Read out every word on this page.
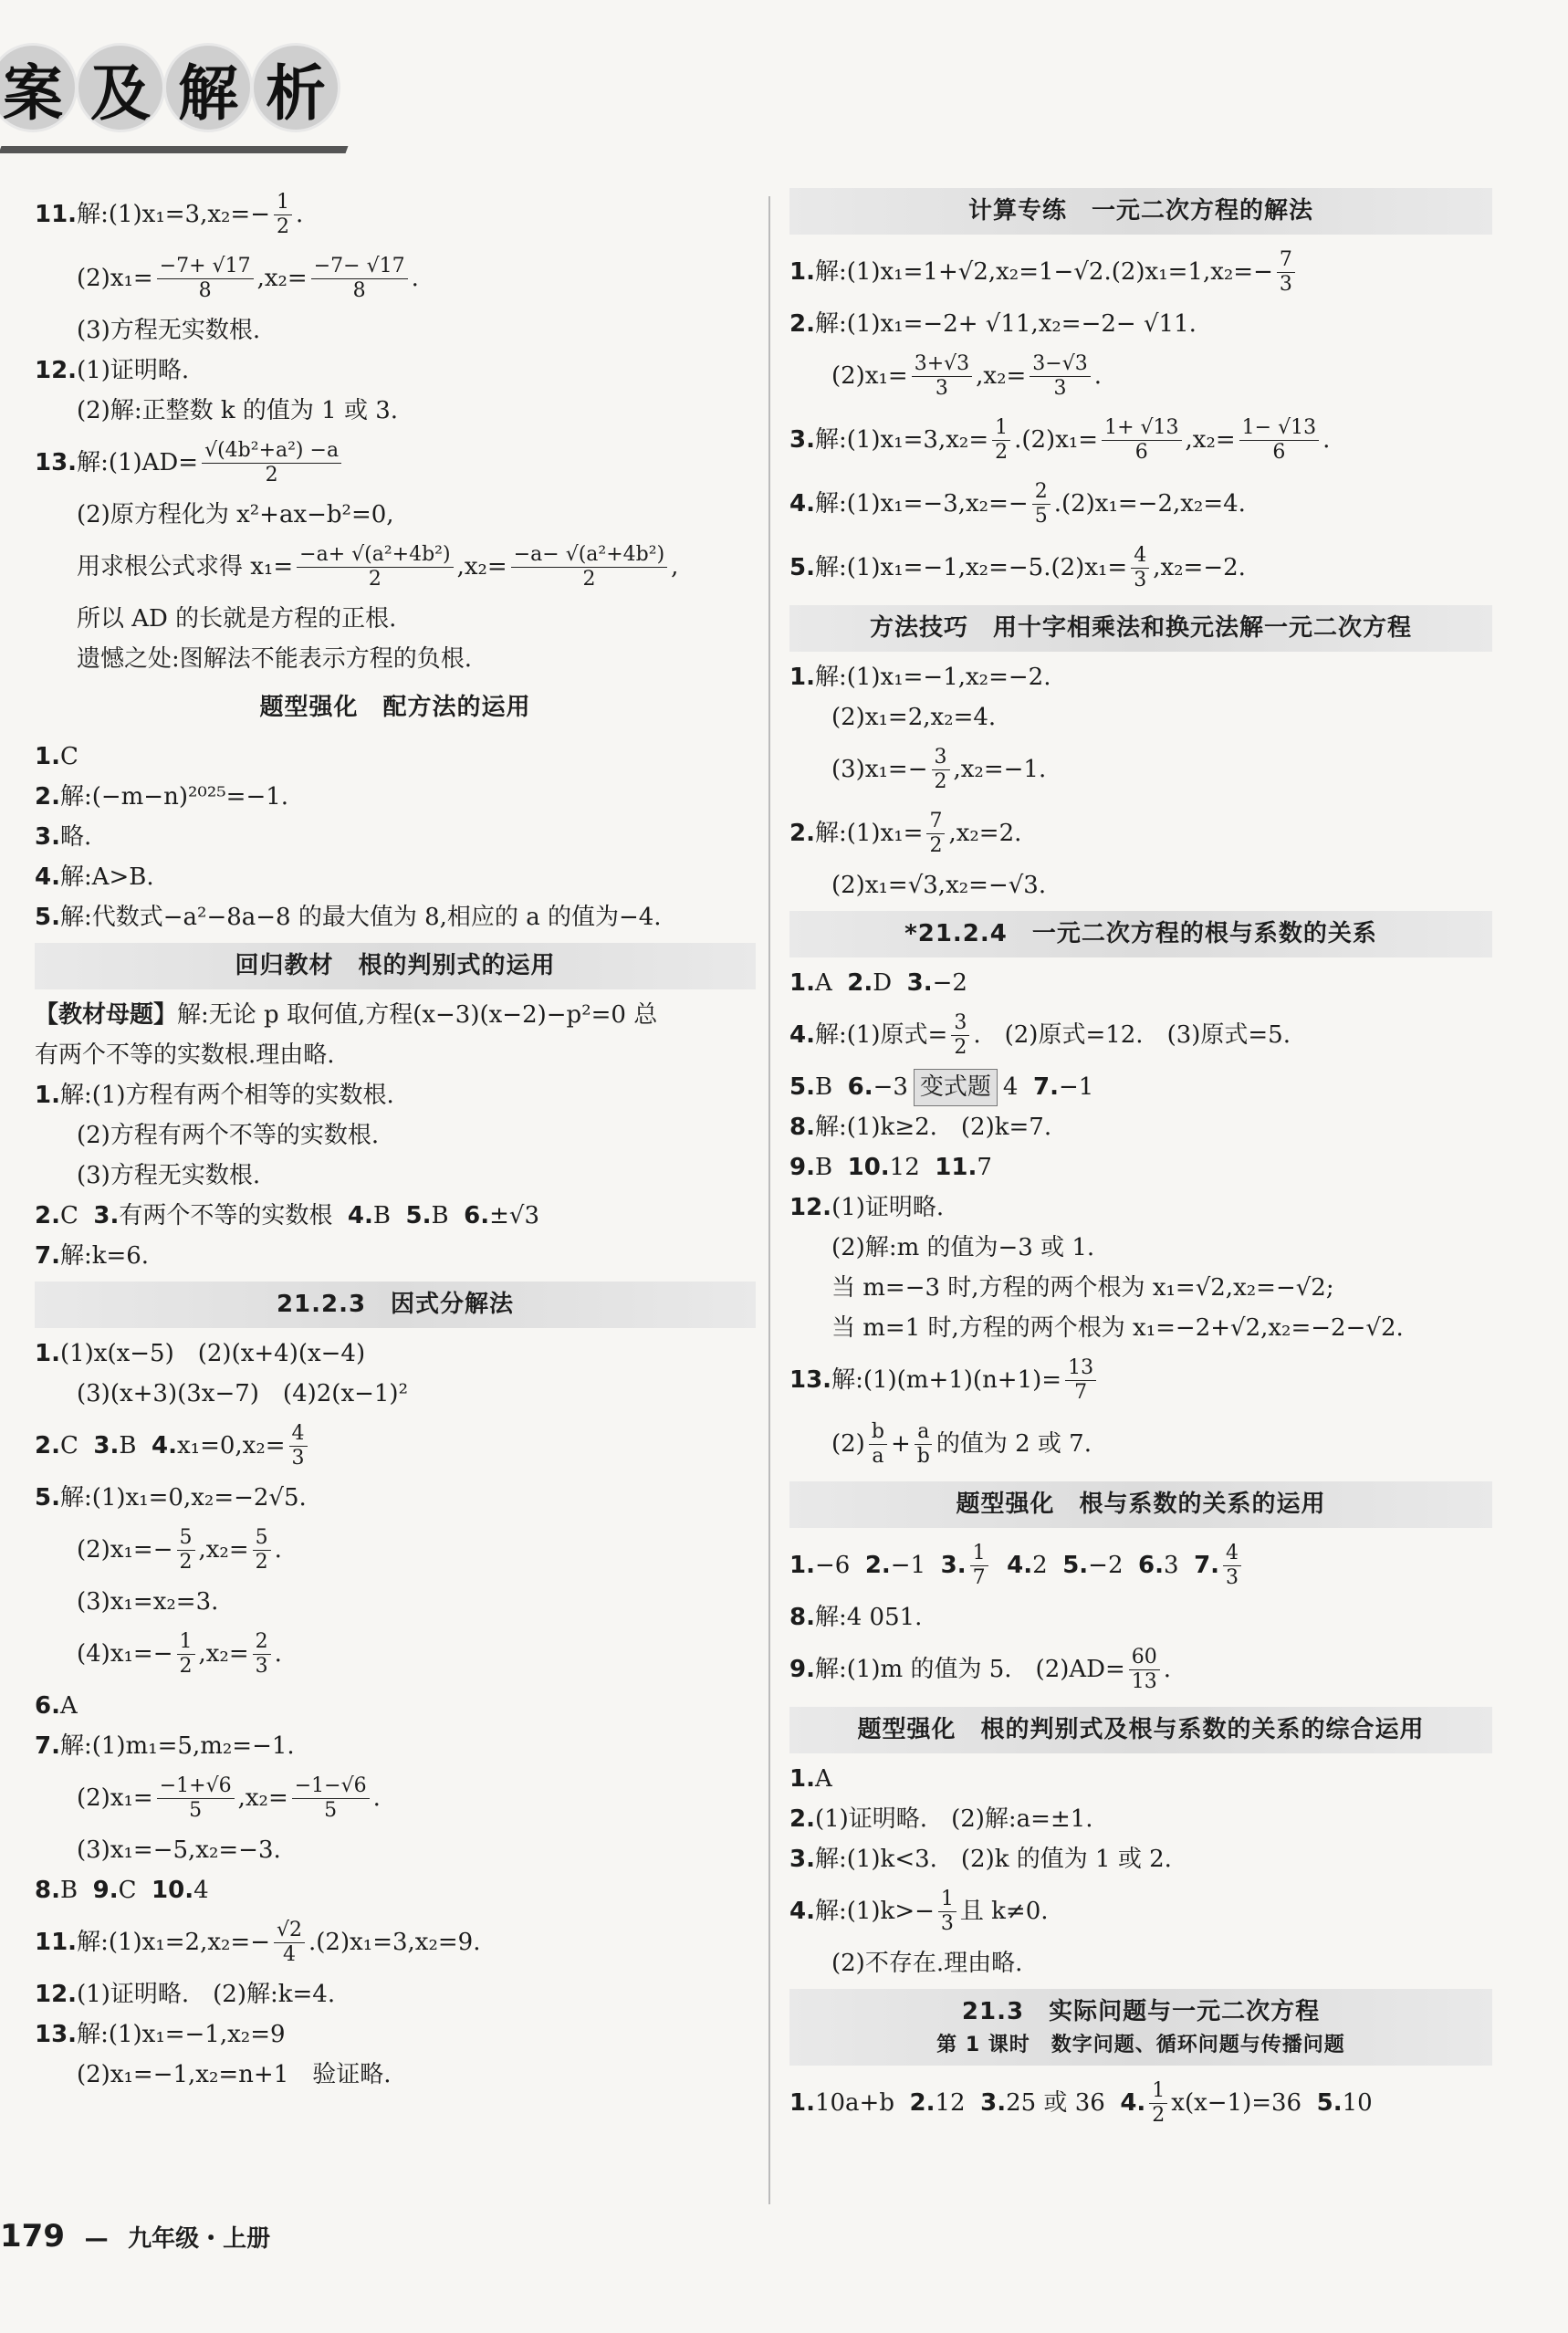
案 及 解 析

11. 解:(1)x₁=3,x₂=− $\frac{1}{2}$ .

$(2)x_1= \frac{-7+ √17}{8} ,x_2= \frac{-7- √17}{8}$ .

(3)方程无实数根.

12. (1)证明略.

(2)解:正整数 k 的值为 1 或 3.

13. 解:(1)AD= $\frac{\text{√(4b²+a²) −a}}{2}$

(2)原方程化为 x²+ax−b²=0,

用求根公式求得 $x_1= \frac{\text{−a+ √(a²+4b²)}}{2} ,x_2= \frac{\text{−a− √(a²+4b²)}}{2}$ ,

所以 AD 的长就是方程的正根.

遗憾之处:图解法不能表示方程的负根.

题型强化　配方法的运用

1. C

2. 解:(−m−n)²⁰²⁵=−1.

3. 略.

4. 解:A>B.

5. 解:代数式−a²−8a−8 的最大值为 8,相应的 a 的值为−4.

回归教材　根的判别式的运用

【教材母题】 解:无论 p 取何值,方程(x−3)(x−2)−p²=0 总

有两个不等的实数根.理由略.

1. 解:(1)方程有两个相等的实数根.

(2)方程有两个不等的实数根.

(3)方程无实数根.

2. C
3. 有两个不等的实数根
4. B
5. B
6. ±√3

7. 解:k=6.

21.2.3　因式分解法

1. (1)x(x−5)　(2)(x+4)(x−4)

(3)(x+3)(3x−7)　(4)2(x−1)²

2. C
3. B
4. $x_1=0,x_2= \frac{4}{3}$

5. 解:(1)x₁=0,x₂=−2√5.

$(2)x_1=- \frac{5}{2} ,x_2= \frac{5}{2}$ .

(3)x₁=x₂=3.

$(4)x_1=- \frac{1}{2} ,x_2= \frac{2}{3}$ .

6. A

7. 解:(1)m₁=5,m₂=−1.

$(2)x_1= \frac{-1+√6}{5} ,x_2= \frac{-1-√6}{5}$ .

(3)x₁=−5,x₂=−3.

8. B
9. C
10. 4

11. 解:(1)x₁=2,x₂=− $\frac{√2}{4} .(2)x_1=3,x_2=9$.

12. (1)证明略.　(2)解:k=4.

13. 解:(1)x₁=−1,x₂=9

(2)x₁=−1,x₂=n+1　验证略.

计算专练　一元二次方程的解法

1. 解:(1)x₁=1+√2,x₂=1−√2.(2)x₁=1,x₂=− $\frac{7}{3}$

2. 解:(1)x₁=−2+ √11,x₂=−2− √11.

$(2)x_1= \frac{3+√3}{3} ,x_2= \frac{3-√3}{3}$ .

3. 解:(1)x₁=3,x₂= $\frac{1}{2} .(2)x_1= \frac{1+ √13}{6} ,x_2= \frac{1- √13}{6}$ .

4. 解:(1)x₁=−3,x₂=− $\frac{2}{5} .(2)x_1=-2,x_2=4$.

5. 解:(1)x₁=−1,x₂=−5.(2)x₁= $\frac{4}{3} ,x_2=-2$.

方法技巧　用十字相乘法和换元法解一元二次方程

1. 解:(1)x₁=−1,x₂=−2.

(2)x₁=2,x₂=4.

$(3)x_1=- \frac{3}{2} ,x_2=-1$.

2. 解:(1)x₁= $\frac{7}{2} ,x_2=2$.

(2)x₁=√3,x₂=−√3.

*21.2.4　一元二次方程的根与系数的关系

1. A
2. D
3. −2

4. 解:(1)原式= $\frac{3}{2}$ .　(2)原式=12.　(3)原式=5.

5. B
6. −3 变式题 4
7. −1

8. 解:(1)k≥2.　(2)k=7.

9. B
10. 12
11. 7

12. (1)证明略.

(2)解:m 的值为−3 或 1.

当 m=−3 时,方程的两个根为 x₁=√2,x₂=−√2;

当 m=1 时,方程的两个根为 x₁=−2+√2,x₂=−2−√2.

13. 解:(1)(m+1)(n+1)= $\frac{13}{7}$

$(2) \frac{b}{a} + \frac{a}{b}$ 的值为 2 或 7.

题型强化　根与系数的关系的运用

1. −6
2. −1
3. $\frac{1}{7}$
4. 2
5. −2
6. 3
7. $\frac{4}{3}$

8. 解:4 051.

9. 解:(1)m 的值为 5.　$(2)AD= \frac{60}{13}$ .

题型强化　根的判别式及根与系数的关系的综合运用

1. A

2. (1)证明略.　(2)解:a=±1.

3. 解:(1)k<3.　(2)k 的值为 1 或 2.

4. 解:(1)k>− $\frac{1}{3}$ 且 k≠0.

(2)不存在.理由略.

21.3　实际问题与一元二次方程
第 1 课时　数字问题、循环问题与传播问题

1. 10a+b
2. 12
3. 25 或 36
4. $\frac{1}{2} x(x-1)=36$
5. 10

179 — 九年级・上册
